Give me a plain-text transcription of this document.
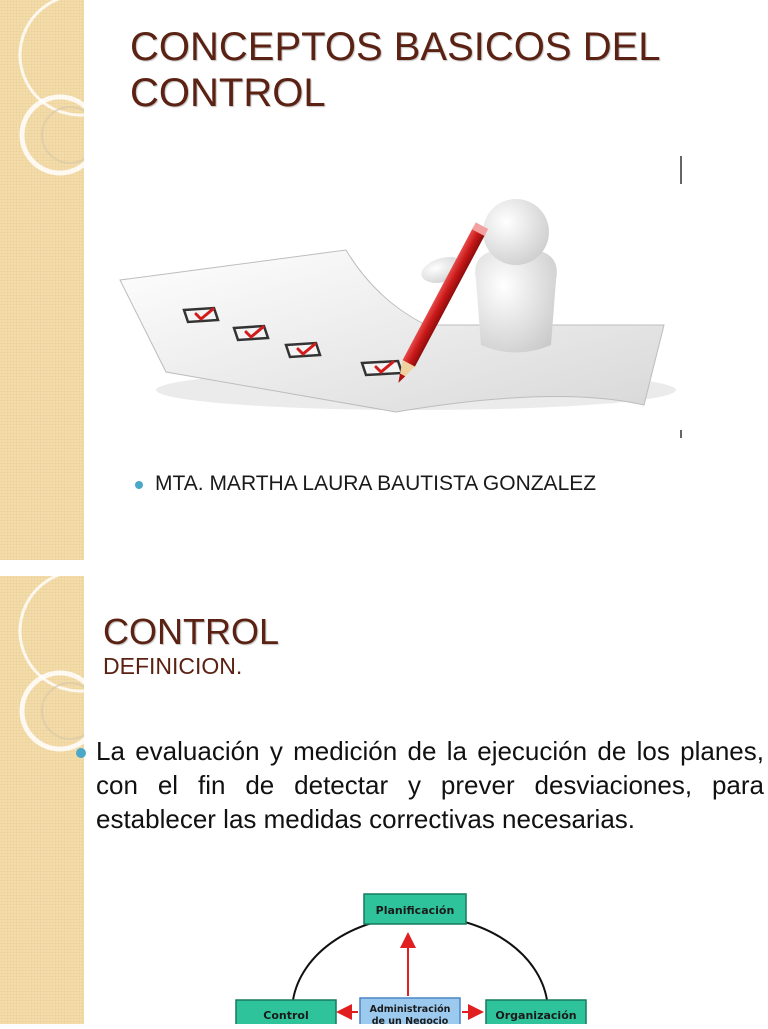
CONCEPTOS BASICOS DEL CONTROL
MTA. MARTHA LAURA BAUTISTA GONZALEZ
CONTROL
DEFINICION.

La evaluación y medición de la ejecución de los planes, con el fin de detectar y prever desviaciones, para establecer las medidas correctivas necesarias.

Planificación
Administración
de un Negocio
Control	Organización
